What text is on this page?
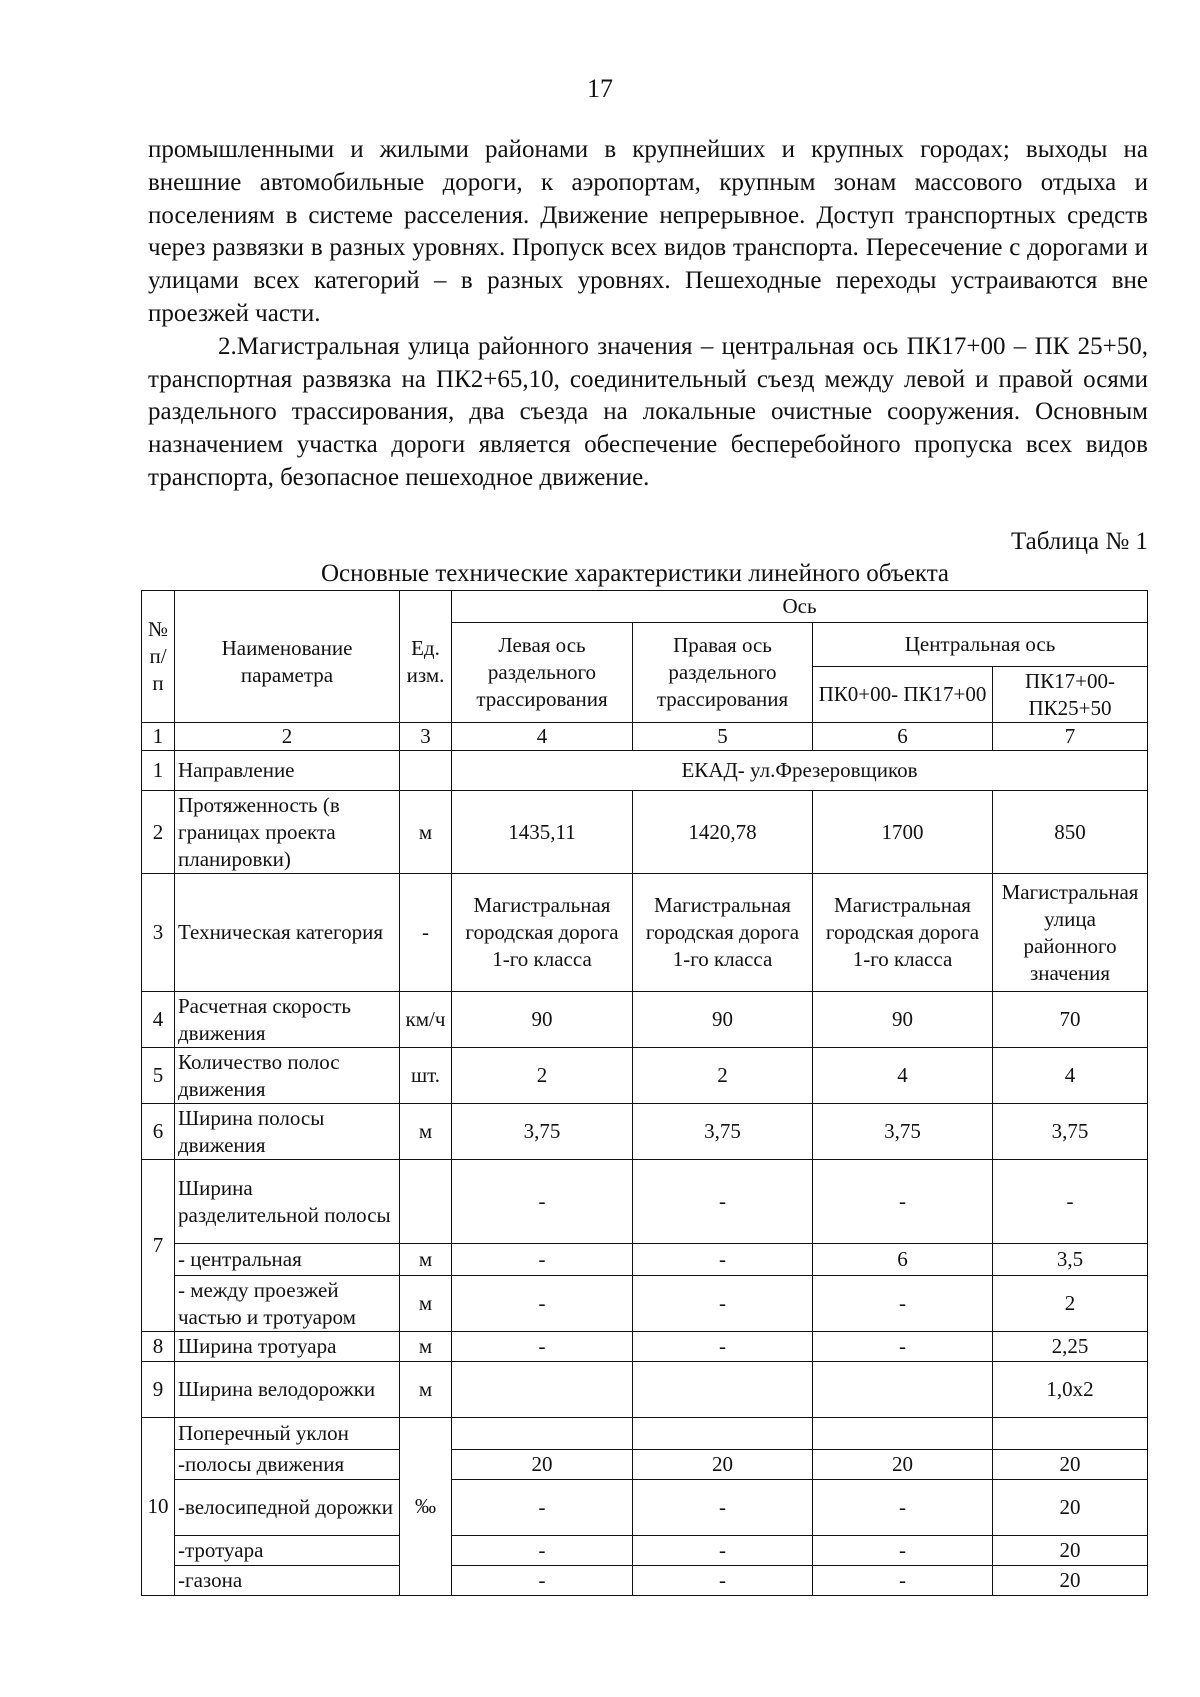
17

промышленными и жилыми районами в крупнейших и крупных городах; выходы на внешние автомобильные дороги, к аэропортам, крупным зонам массового отдыха и поселениям в системе расселения. Движение непрерывное. Доступ транспортных средств через развязки в разных уровнях. Пропуск всех видов транспорта. Пересечение с дорогами и улицами всех категорий – в разных уровнях. Пешеходные переходы устраиваются вне проезжей части.

2.Магистральная улица районного значения – центральная ось ПК17+00 – ПК 25+50, транспортная развязка на ПК2+65,10, соединительный съезд между левой и правой осями раздельного трассирования, два съезда на локальные очистные сооружения. Основным назначением участка дороги является обеспечение бесперебойного пропуска всех видов транспорта, безопасное пешеходное движение.

Таблица № 1
Основные технические характеристики линейного объекта
№ п/ п	Наименование параметра	Ед. изм.	Ось			
			Левая ось раздельного трассирования	Правая ось раздельного трассирования	Центральная ось	
					ПК0+00- ПК17+00	ПК17+00- ПК25+50
1	2	3	4	5	6	7
1	Направление		ЕКАД- ул.Фрезеровщиков			
2	Протяженность (в границах проекта планировки)	м	1435,11	1420,78	1700	850
3	Техническая категория	-	Магистральная городская дорога 1-го класса	Магистральная городская дорога 1-го класса	Магистральная городская дорога 1-го класса	Магистральная улица районного значения
4	Расчетная скорость движения	км/ч	90	90	90	70
5	Количество полос движения	шт.	2	2	4	4
6	Ширина полосы движения	м	3,75	3,75	3,75	3,75
7	Ширина разделительной полосы		-	-	-	-
	- центральная	м	-	-	6	3,5
	- между проезжей частью и тротуаром	м	-	-	-	2
8	Ширина тротуара	м	-	-	-	2,25
9	Ширина велодорожки	м				1,0x2
10	Поперечный уклон	‰				
	-полосы движения		20	20	20	20
	-велосипедной дорожки		-	-	-	20
	-тротуара		-	-	-	20
	-газона		-	-	-	20
